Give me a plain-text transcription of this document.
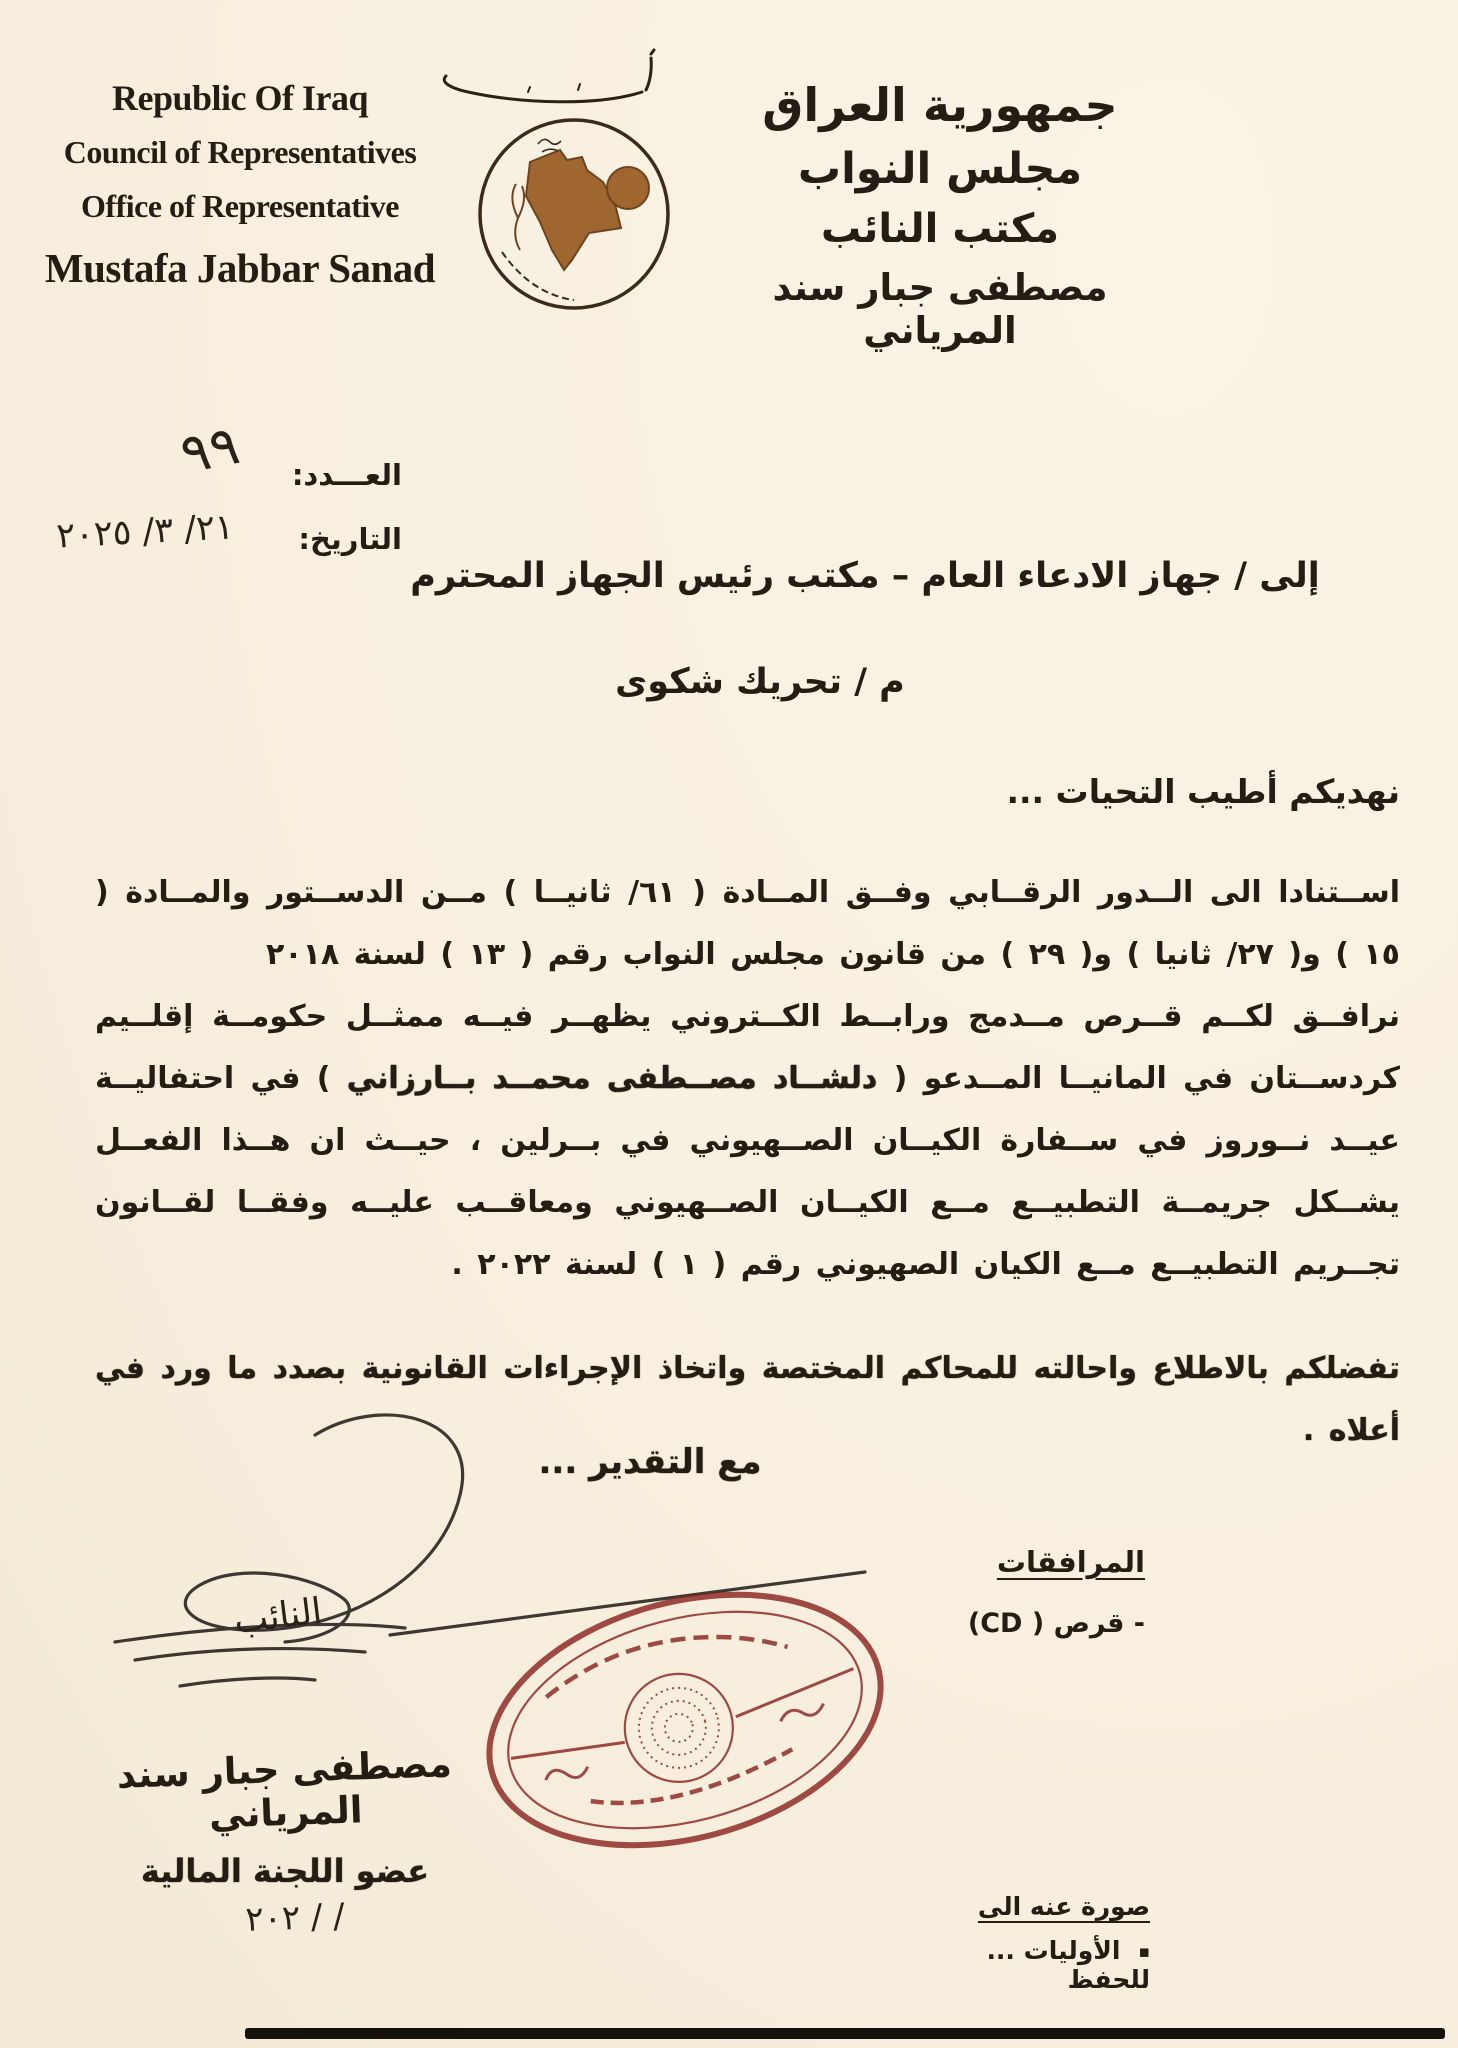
Republic Of Iraq
Council of Representatives
Office of Representative
Mustafa Jabbar Sanad
جمهورية العراق
مجلس النواب
مكتب النائب
مصطفى جبار سند المرياني
العـــدد:
٩٩
التاريخ:
٢١/ ٣/ ٢٠٢٥
إلى / جهاز الادعاء العام – مكتب رئيس الجهاز المحترم
م / تحريك شكوى
نهديكم أطيب التحيات ...
اســتنادا الى الــدور الرقــابي وفــق المــادة ( ٦١/ ثانيــا ) مــن الدســتور والمــادة ( ١٥ ) و( ٢٧/ ثانيا ) و( ٢٩ ) من قانون مجلس النواب رقم ( ١٣ ) لسنة ٢٠١٨
نرافــق لكــم قــرص مــدمج ورابــط الكــتروني يظهــر فيــه ممثــل حكومــة إقلــيم كردســتان في المانيــا المــدعو ( دلشــاد مصــطفى محمــد بــارزاني ) في احتفاليــة عيــد نــوروز في ســفارة الكيــان الصــهيوني في بــرلين ، حيــث ان هــذا الفعــل يشــكل جريمــة التطبيــع مــع الكيــان الصــهيوني ومعاقــب عليــه وفقــا لقــانون تجــريم التطبيــع مــع الكيان الصهيوني رقم ( ١ ) لسنة ٢٠٢٢ .
تفضلكم بالاطلاع واحالته للمحاكم المختصة واتخاذ الإجراءات القانونية بصدد ما ورد في أعلاه .
مع التقدير ...
المرافقات
- قرص ( CD)
النائب
مصطفى جبار سند المرياني
عضو اللجنة المالية
٢٠٢ / /	صورة عنه الى
▪الأوليات ... للحفظ
